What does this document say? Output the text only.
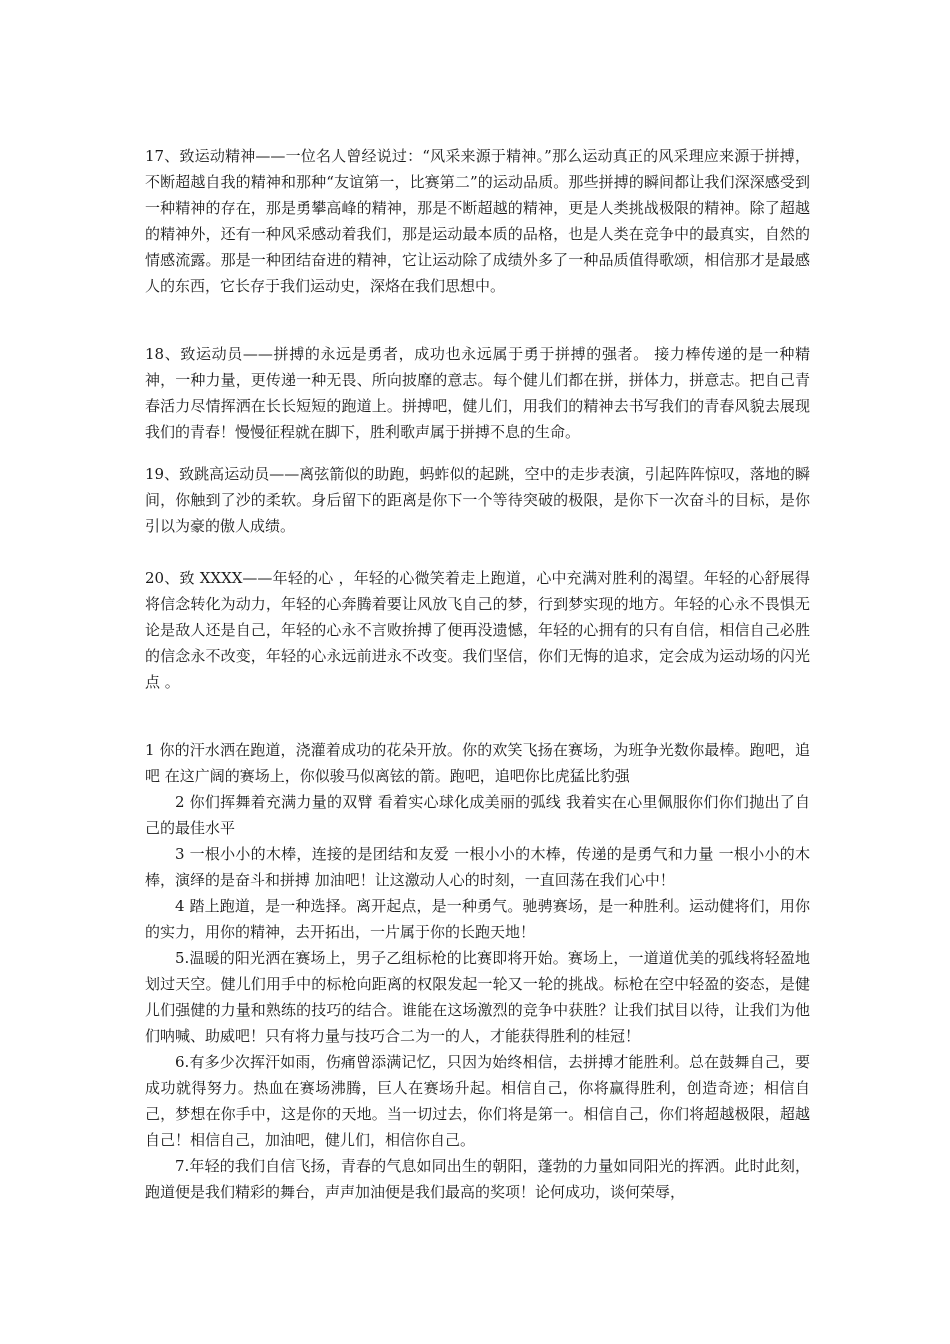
17、致运动精神——一位名人曾经说过：“风采来源于精神。”那么运动真正的风采理应来源于拼搏，不断超越自我的精神和那种“友谊第一，比赛第二”的运动品质。那些拼搏的瞬间都让我们深深感受到一种精神的存在，那是勇攀高峰的精神，那是不断超越的精神，更是人类挑战极限的精神。除了超越的精神外，还有一种风采感动着我们，那是运动最本质的品格，也是人类在竞争中的最真实，自然的情感流露。那是一种团结奋进的精神，它让运动除了成绩外多了一种品质值得歌颂，相信那才是最感人的东西，它长存于我们运动史，深烙在我们思想中。

18、致运动员——拼搏的永远是勇者，成功也永远属于勇于拼搏的强者。 接力棒传递的是一种精神，一种力量，更传递一种无畏、所向披靡的意志。每个健儿们都在拼，拼体力，拼意志。把自己青春活力尽情挥洒在长长短短的跑道上。拼搏吧，健儿们，用我们的精神去书写我们的青春风貌去展现我们的青春！慢慢征程就在脚下，胜利歌声属于拼搏不息的生命。

19、致跳高运动员——离弦箭似的助跑，蚂蚱似的起跳，空中的走步表演，引起阵阵惊叹，落地的瞬间，你触到了沙的柔软。身后留下的距离是你下一个等待突破的极限，是你下一次奋斗的目标，是你引以为豪的傲人成绩。

20、致 XXXX——年轻的心 ，年轻的心微笑着走上跑道，心中充满对胜利的渴望。年轻的心舒展得将信念转化为动力，年轻的心奔腾着要让风放飞自己的梦，行到梦实现的地方。年轻的心永不畏惧无论是敌人还是自己，年轻的心永不言败拚搏了便再没遗憾，年轻的心拥有的只有自信，相信自己必胜的信念永不改变，年轻的心永远前进永不改变。我们坚信，你们无悔的追求，定会成为运动场的闪光点 。

1 你的汗水洒在跑道，浇灌着成功的花朵开放。你的欢笑飞扬在赛场，为班争光数你最棒。跑吧，追吧 在这广阔的赛场上，你似骏马似离铉的箭。跑吧，追吧你比虎猛比豹强

2 你们挥舞着充满力量的双臂 看着实心球化成美丽的弧线 我着实在心里佩服你们你们抛出了自己的最佳水平

3 一根小小的木棒，连接的是团结和友爱 一根小小的木棒，传递的是勇气和力量 一根小小的木棒，演绎的是奋斗和拼搏 加油吧！让这激动人心的时刻，一直回荡在我们心中！

4 踏上跑道，是一种选择。离开起点，是一种勇气。驰骋赛场，是一种胜利。运动健将们，用你的实力，用你的精神，去开拓出，一片属于你的长跑天地！

5.温暖的阳光洒在赛场上，男子乙组标枪的比赛即将开始。赛场上，一道道优美的弧线将轻盈地划过天空。健儿们用手中的标枪向距离的权限发起一轮又一轮的挑战。标枪在空中轻盈的姿态，是健儿们强健的力量和熟练的技巧的结合。谁能在这场激烈的竞争中获胜？让我们拭目以待，让我们为他们呐喊、助威吧！只有将力量与技巧合二为一的人，才能获得胜利的桂冠！

6.有多少次挥汗如雨，伤痛曾添满记忆，只因为始终相信，去拼搏才能胜利。总在鼓舞自己，要成功就得努力。热血在赛场沸腾，巨人在赛场升起。相信自己，你将赢得胜利，创造奇迹；相信自己，梦想在你手中，这是你的天地。当一切过去，你们将是第一。相信自己，你们将超越极限，超越自己！相信自己，加油吧，健儿们，相信你自己。

7.年轻的我们自信飞扬，青春的气息如同出生的朝阳，蓬勃的力量如同阳光的挥洒。此时此刻，跑道便是我们精彩的舞台，声声加油便是我们最高的奖项！论何成功，谈何荣辱，
